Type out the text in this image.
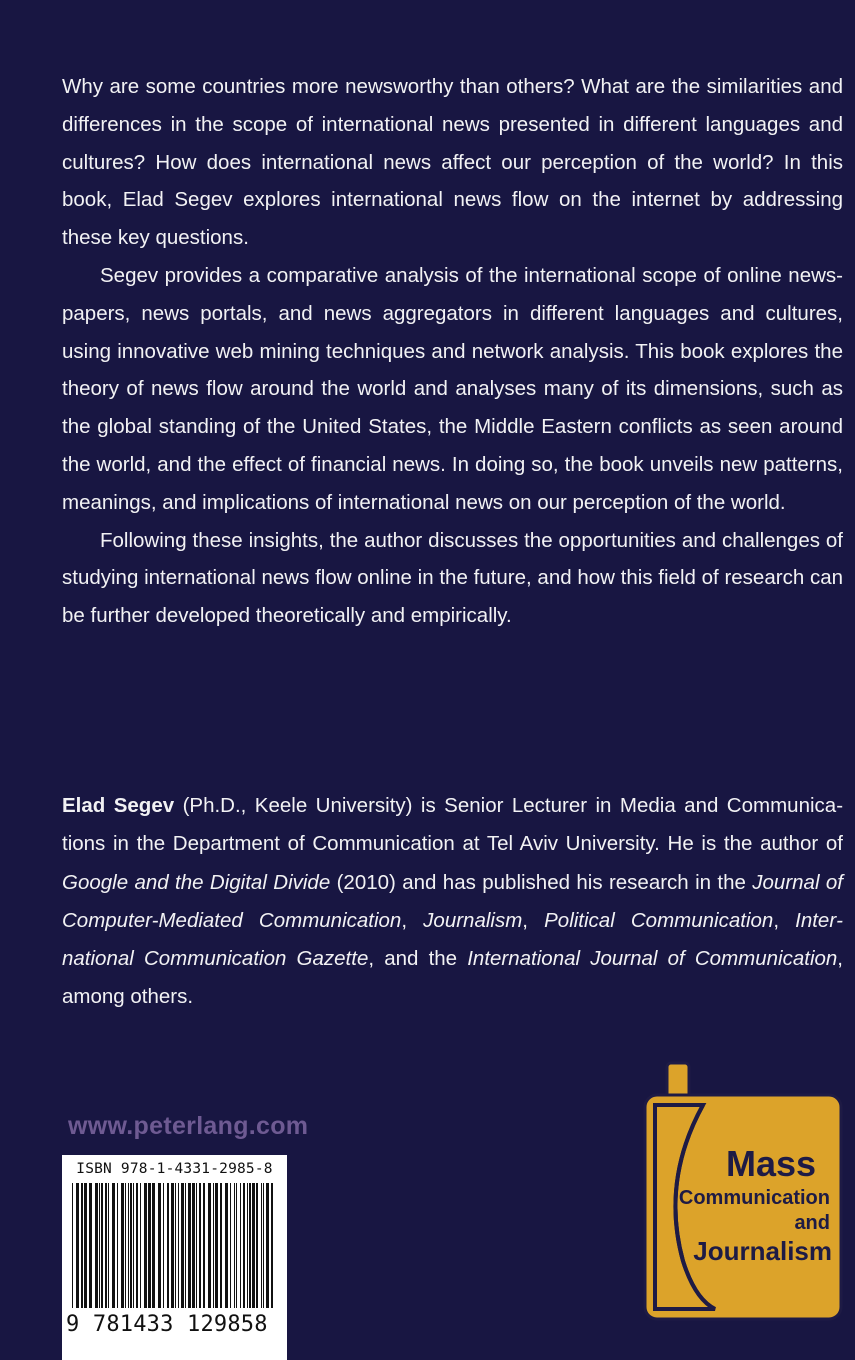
Why are some countries more newsworthy than others? What are the similarities and differences in the scope of international news presented in different languages and cultures? How does international news affect our perception of the world? In this book, Elad Segev explores international news flow on the internet by addressing these key questions.

Segev provides a comparative analysis of the international scope of online newspapers, news portals, and news aggregators in different languages and cultures, using innovative web mining techniques and network analysis. This book explores the theory of news flow around the world and analyses many of its dimensions, such as the global standing of the United States, the Middle Eastern conflicts as seen around the world, and the effect of financial news. In doing so, the book unveils new patterns, meanings, and implications of international news on our perception of the world.

Following these insights, the author discusses the opportunities and challenges of studying international news flow online in the future, and how this field of research can be further developed theoretically and empirically.

Elad Segev (Ph.D., Keele University) is Senior Lecturer in Media and Communications in the Department of Communication at Tel Aviv University. He is the author of Google and the Digital Divide (2010) and has published his research in the Journal of Computer-Mediated Communication, Journalism, Political Communication, International Communication Gazette, and the International Journal of Communication, among others.

www.peterlang.com
ISBN 978-1-4331-2985-8
9 781433 129858
Mass
Communication
and
Journalism
